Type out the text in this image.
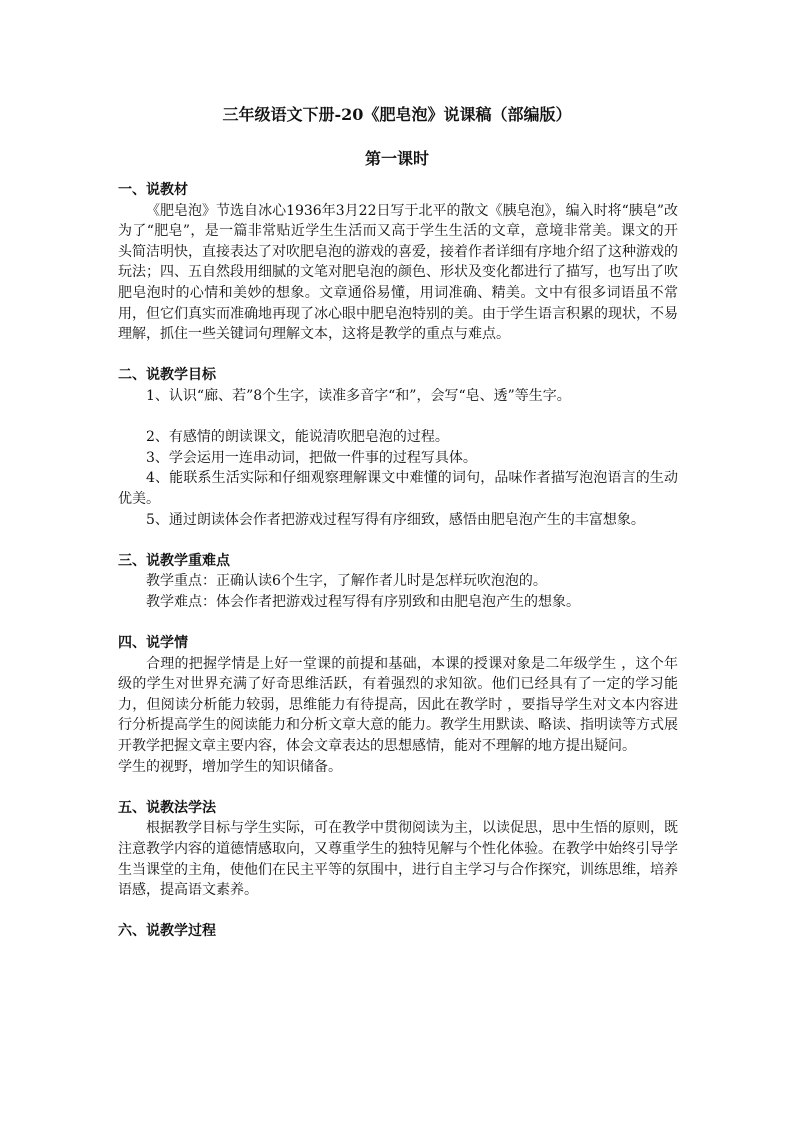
三年级语文下册-20《肥皂泡》说课稿（部编版）
第一课时

一、说教材

《肥皂泡》节选自冰心1936年3月22日写于北平的散文《胰皂泡》，编入时将“胰皂”改为了“肥皂”，是一篇非常贴近学生生活而又高于学生生活的文章，意境非常美。课文的开头简洁明快，直接表达了对吹肥皂泡的游戏的喜爱，接着作者详细有序地介绍了这种游戏的玩法；四、五自然段用细腻的文笔对肥皂泡的颜色、形状及变化都进行了描写，也写出了吹肥皂泡时的心情和美妙的想象。文章通俗易懂，用词准确、精美。文中有很多词语虽不常用，但它们真实而准确地再现了冰心眼中肥皂泡特别的美。由于学生语言积累的现状，不易理解，抓住一些关键词句理解文本，这将是教学的重点与难点。

二、说教学目标

1、认识“廊、若”8个生字，读准多音字“和”，会写“皂、透”等生字。

2、有感情的朗读课文，能说清吹肥皂泡的过程。

3、学会运用一连串动词，把做一件事的过程写具体。

4、能联系生活实际和仔细观察理解课文中难懂的词句，品味作者描写泡泡语言的生动优美。

5、通过朗读体会作者把游戏过程写得有序细致，感悟由肥皂泡产生的丰富想象。

三、说教学重难点

教学重点：正确认读6个生字，了解作者儿时是怎样玩吹泡泡的。

教学难点：体会作者把游戏过程写得有序别致和由肥皂泡产生的想象。

四、说学情

合理的把握学情是上好一堂课的前提和基础，本课的授课对象是二年级学生 ，这个年级的学生对世界充满了好奇思维活跃，有着强烈的求知欲。他们已经具有了一定的学习能力，但阅读分析能力较弱，思维能力有待提高，因此在教学时 ，要指导学生对文本内容进行分析提高学生的阅读能力和分析文章大意的能力。教学生用默读、略读、指明读等方式展开教学把握文章主要内容，体会文章表达的思想感情，能对不理解的地方提出疑问。

学生的视野，增加学生的知识储备。

五、说教法学法

根据教学目标与学生实际，可在教学中贯彻阅读为主，以读促思，思中生悟的原则，既注意教学内容的道德情感取向，又尊重学生的独特见解与个性化体验。在教学中始终引导学生当课堂的主角，使他们在民主平等的氛围中，进行自主学习与合作探究，训练思维，培养语感，提高语文素养。

六、说教学过程
